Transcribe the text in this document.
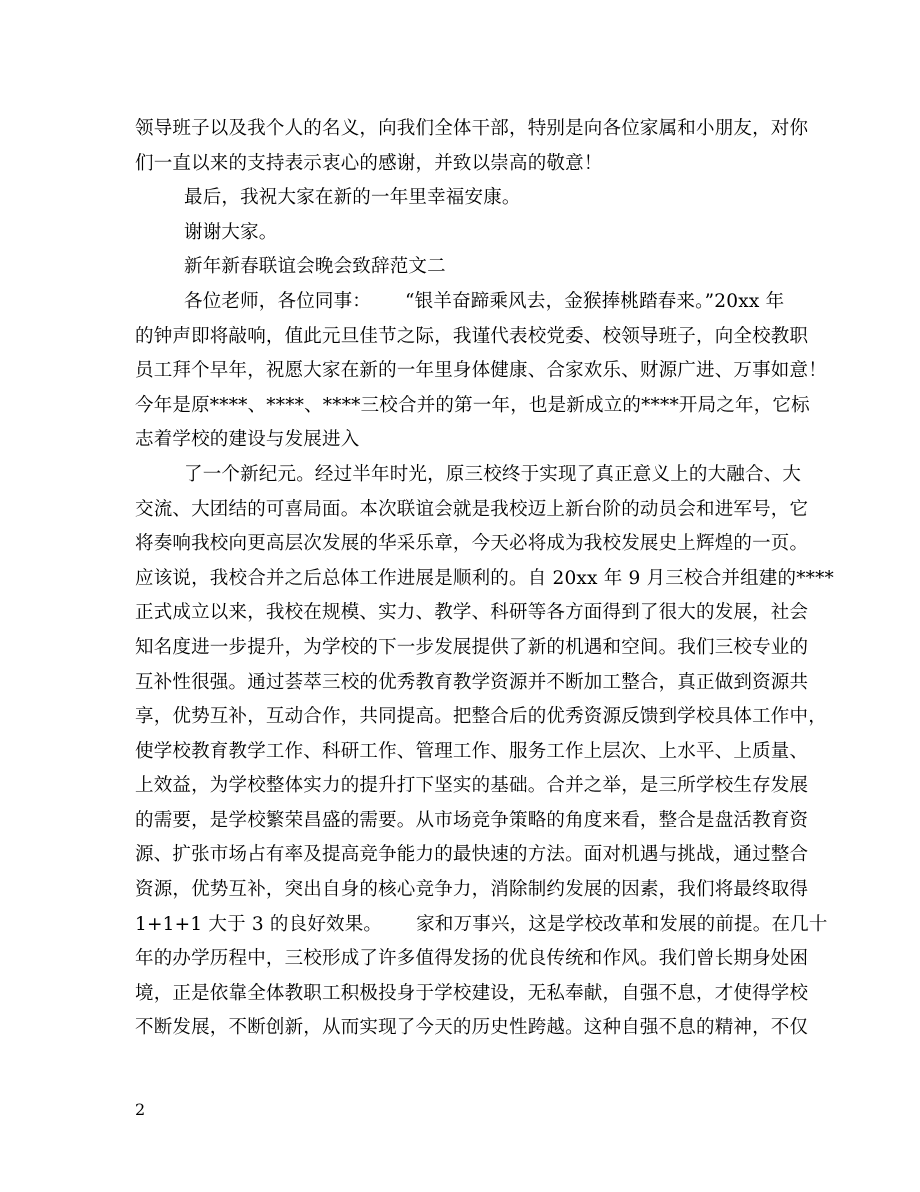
领导班子以及我个人的名义，向我们全体干部，特别是向各位家属和小朋友，对你
们一直以来的支持表示衷心的感谢，并致以崇高的敬意！
最后，我祝大家在新的一年里幸福安康。
谢谢大家。
新年新春联谊会晚会致辞范文二
各位老师，各位同事： “银羊奋蹄乘风去，金猴捧桃踏春来。”20xx 年
的钟声即将敲响，值此元旦佳节之际，我谨代表校党委、校领导班子，向全校教职
员工拜个早年，祝愿大家在新的一年里身体健康、合家欢乐、财源广进、万事如意！
今年是原****、****、****三校合并的第一年，也是新成立的****开局之年，它标
志着学校的建设与发展进入
了一个新纪元。经过半年时光，原三校终于实现了真正意义上的大融合、大
交流、大团结的可喜局面。本次联谊会就是我校迈上新台阶的动员会和进军号，它
将奏响我校向更高层次发展的华采乐章，今天必将成为我校发展史上辉煌的一页。
应该说，我校合并之后总体工作进展是顺利的。自 20xx 年 9 月三校合并组建的****
正式成立以来，我校在规模、实力、教学、科研等各方面得到了很大的发展，社会
知名度进一步提升，为学校的下一步发展提供了新的机遇和空间。我们三校专业的
互补性很强。通过荟萃三校的优秀教育教学资源并不断加工整合，真正做到资源共
享，优势互补，互动合作，共同提高。把整合后的优秀资源反馈到学校具体工作中，
使学校教育教学工作、科研工作、管理工作、服务工作上层次、上水平、上质量、
上效益，为学校整体实力的提升打下坚实的基础。合并之举，是三所学校生存发展
的需要，是学校繁荣昌盛的需要。从市场竞争策略的角度来看，整合是盘活教育资
源、扩张市场占有率及提高竞争能力的最快速的方法。面对机遇与挑战，通过整合
资源，优势互补，突出自身的核心竞争力，消除制约发展的因素，我们将最终取得
1+1+1 大于 3 的良好效果。 家和万事兴，这是学校改革和发展的前提。在几十
年的办学历程中，三校形成了许多值得发扬的优良传统和作风。我们曾长期身处困
境，正是依靠全体教职工积极投身于学校建设，无私奉献，自强不息，才使得学校
不断发展，不断创新，从而实现了今天的历史性跨越。这种自强不息的精神，不仅
2
